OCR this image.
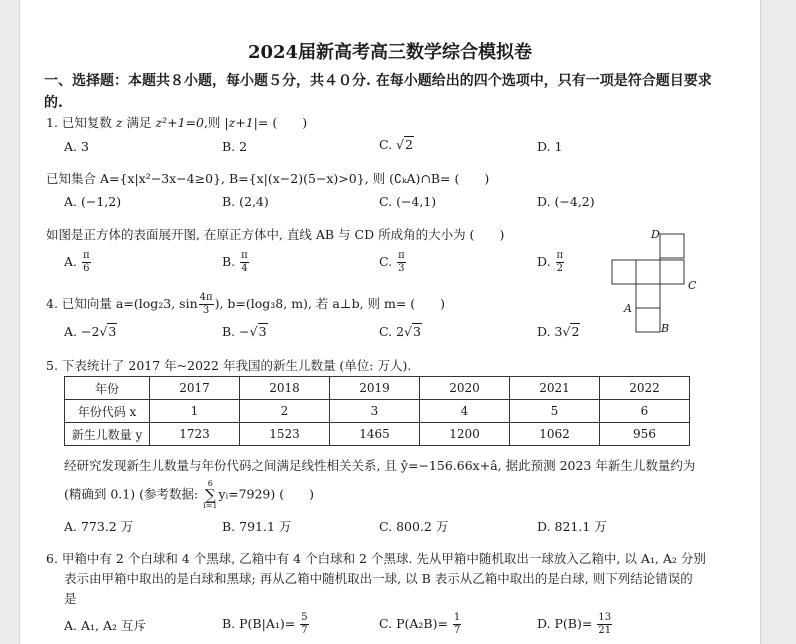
2024届新高考高三数学综合模拟卷
一、选择题：本题共８小题，每小题５分，共４０分. 在每小题给出的四个选项中，只有一项是符合题目要求
的.
1. 已知复数 z 满足 z²+1=0,则 |z+1|= (　　)
A. 3	B. 2	C. √2	D. 1
已知集合 A={x|x²−3x−4≥0}, B={x|(x−2)(5−x)>0}, 则 (∁ₖA)∩B= (　　)
A. (−1,2)	B. (2,4)	C. (−4,1)	D. (−4,2)
如图是正方体的表面展开图, 在原正方体中, 直线 AB 与 CD 所成角的大小为 (　　)
A. $\frac{\pi}{6}$	B. $\frac{\pi}{4}$	C. $\frac{\pi}{3}$	D. $\frac{\pi}{2}$
D
C
A
B
4. 已知向量 a=(log₂3, $\sin \frac{4\pi}{3}$ ), b=(log₃8, m), 若 a⊥b, 则 m= (　　)
A. −2√3	B. −√3	C. 2√3	D. 3√2
5. 下表统计了 2017 年~2022 年我国的新生儿数量 (单位: 万人).
年份	2017	2018	2019	2020	2021	2022
年份代码 x	1	2	3	4	5	6
新生儿数量 y	1723	1523	1465	1200	1062	956
经研究发现新生儿数量与年份代码之间满足线性相关关系, 且 ŷ=−156.66x+â, 据此预测 2023 年新生儿数量约为
(精确到 0.1) (参考数据: 6
∑
i=1yᵢ=7929) (　　)
A. 773.2 万	B. 791.1 万	C. 800.2 万	D. 821.1 万
6. 甲箱中有 2 个白球和 4 个黑球, 乙箱中有 4 个白球和 2 个黑球. 先从甲箱中随机取出一球放入乙箱中, 以 A₁, A₂ 分别
表示由甲箱中取出的是白球和黑球; 再从乙箱中随机取出一球, 以 B 表示从乙箱中取出的是白球, 则下列结论错误的
是
A. A₁, A₂ 互斥	B. $P(B|A_1)= \frac{5}{7}$	C. $P(A_2B)= \frac{1}{7}$	D. $P(B)= \frac{13}{21}$
